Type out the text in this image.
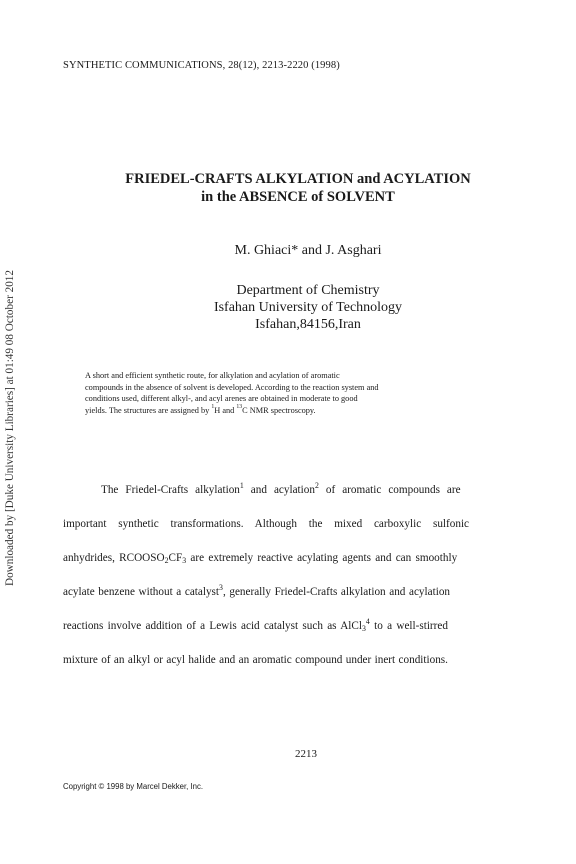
Downloaded by [Duke University Libraries] at 01:49 08 October 2012
SYNTHETIC COMMUNICATIONS, 28(12), 2213-2220 (1998)
FRIEDEL-CRAFTS ALKYLATION and ACYLATION
in the ABSENCE of SOLVENT
M. Ghiaci* and J. Asghari
Department of Chemistry
Isfahan University of Technology
Isfahan,84156,Iran
A short and efficient synthetic route, for alkylation and acylation of aromatic
compounds in the absence of solvent is developed. According to the reaction system and
conditions used, different alkyl-, and acyl arenes are obtained in moderate to good
yields. The structures are assigned by $^1$H and $^{13}$C NMR spectroscopy.
The Friedel-Crafts alkylation$^1$ and acylation$^2$ of aromatic compounds are
important synthetic transformations. Although the mixed carboxylic sulfonic
anhydrides, $RCOOSO_2CF_3$ are extremely reactive acylating agents and can smoothly
acylate benzene without a catalyst$^3$, generally Friedel-Crafts alkylation and acylation
reactions involve addition of a Lewis acid catalyst such as AlCl$_3^4$ to a well-stirred
mixture of an alkyl or acyl halide and an aromatic compound under inert conditions.
2213
Copyright © 1998 by Marcel Dekker, Inc.
